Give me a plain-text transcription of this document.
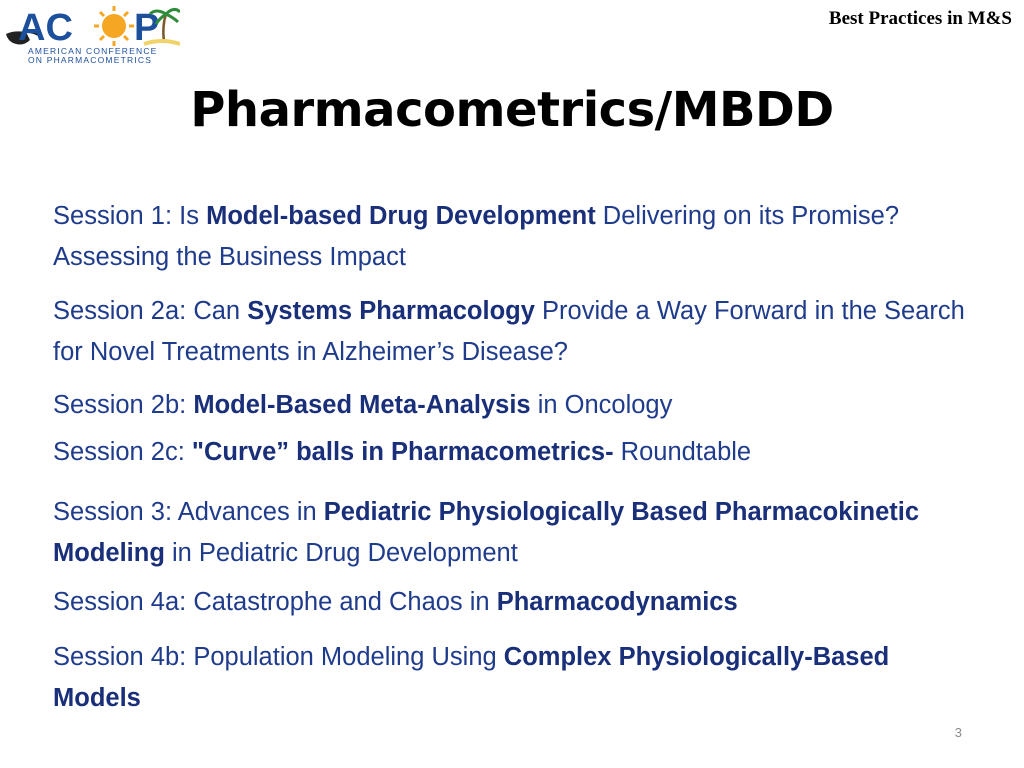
AC P
AMERICAN CONFERENCE
ON PHARMACOMETRICS
Best Practices in M&S
Pharmacometrics/MBDD

Session 1: Is Model-based Drug Development Delivering on its Promise? Assessing the Business Impact

Session 2a: Can Systems Pharmacology Provide a Way Forward in the Search for Novel Treatments in Alzheimer’s Disease?

Session 2b: Model-Based Meta-Analysis in Oncology

Session 2c: "Curve” balls in Pharmacometrics- Roundtable

Session 3: Advances in Pediatric Physiologically Based Pharmacokinetic Modeling in Pediatric Drug Development

Session 4a: Catastrophe and Chaos in Pharmacodynamics

Session 4b: Population Modeling Using Complex Physiologically-Based Models

3
